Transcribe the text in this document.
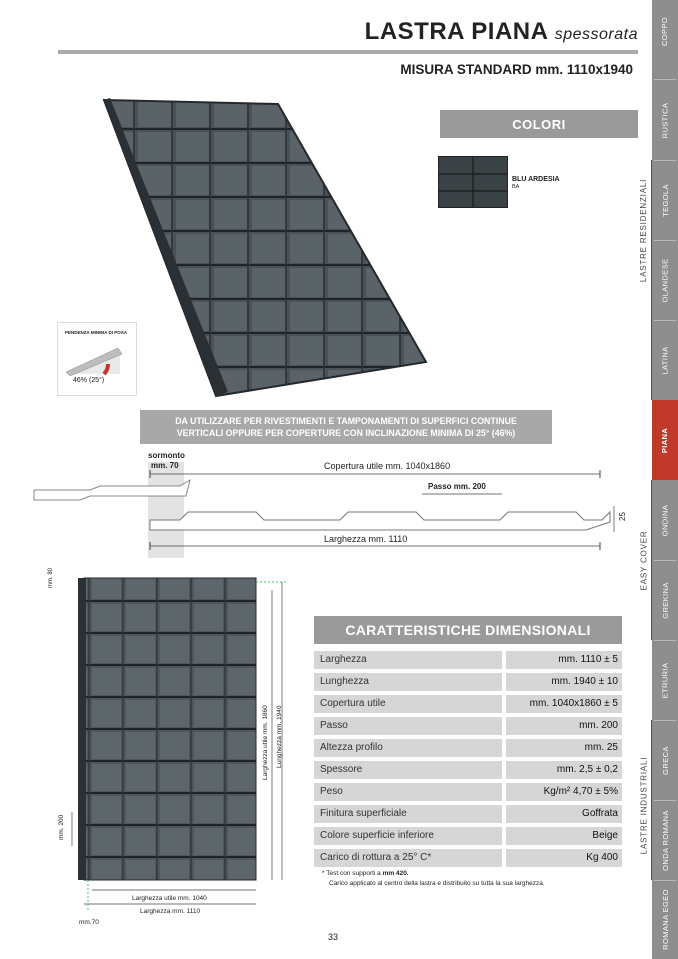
LASTRA PIANA spessorata
MISURA STANDARD mm. 1110x1940
COPPO
RUSTICA
TEGOLA
OLANDESE
LATINA
PIANA
ONDINA
GREKINA
ETRURIA
GRECA
ONDA ROMANA
ROMANA EGEO
LASTRE RESIDENZIALI
EASY COVER
LASTRE INDUSTRIALI
COLORI
BLU ARDESIA
BA
PENDENZA MINIMA DI POSA
46% (25°)
DA UTILIZZARE PER RIVESTIMENTI E TAMPONAMENTI DI SUPERFICI CONTINUE
VERTICALI OPPURE PER COPERTURE CON INCLINAZIONE MINIMA DI 25° (46%)
sormonto
mm. 70	Copertura utile mm. 1040x1860
Passo mm. 200
25
Larghezza mm. 1110
mm. 80
mm. 200
Larghezza utile mm. 1860 Lunghezza mm. 1940
Larghezza utile mm. 1040
Larghezza mm. 1110
mm.70
CARATTERISTICHE DIMENSIONALI
Larghezza	mm. 1110 ± 5
Lunghezza	mm. 1940 ± 10
Copertura utile	mm. 1040x1860 ± 5
Passo	mm. 200
Altezza profilo	mm. 25
Spessore	mm. 2,5 ± 0,2
Peso	Kg/m² 4,70 ± 5%
Finitura superficiale	Goffrata
Colore superficie inferiore	Beige
Carico di rottura a 25° C*	Kg 400
* Test con supporti a mm 420.
Carico applicato al centro della lastra e distribuito su tutta la sua larghezza.
33
